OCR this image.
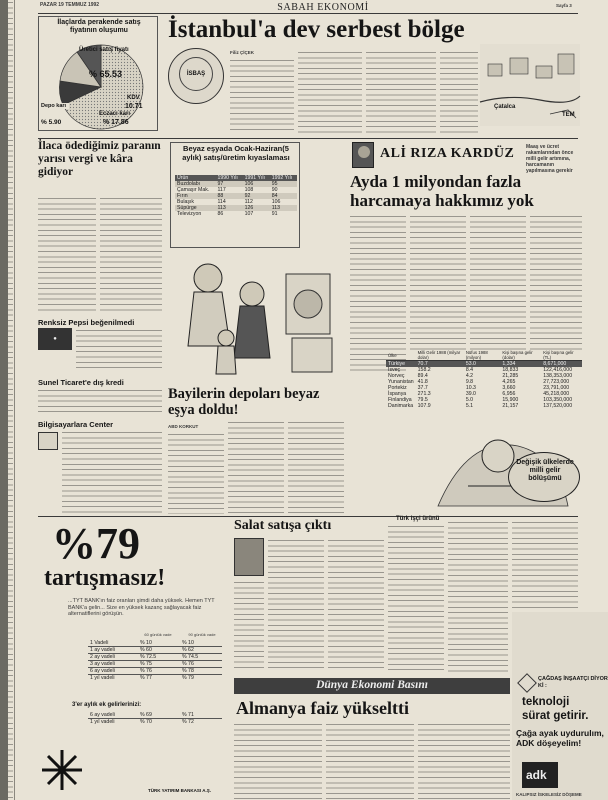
PAZAR 19 TEMMUZ 1992	SABAH EKONOMİ	Sayfa 3
İlaçlarda perakende satış fiyatının oluşumu
Üretici satış fiyatı
% 65.53
KDV
10.71
Eczacı karı
% 17.86
Depo karı
% 5.90
İstanbul'a dev serbest bölge
İSBAŞ
Filiz ÇİÇEK
Çatalca
TEM
İlaca ödediğimiz paranın yarısı vergi ve kâra gidiyor
Beyaz eşyada Ocak-Haziran(5 aylık) satış/üretim kıyaslaması
Ürün	1990 Yılı	1991 Yılı	1992 Yılı
Buzdolabı	97	106	95
Çamaşır Mak.	117	108	90
Fırın	88	92	84
Bulaşık	114	112	106
Süpürge	113	126	113
Televizyon	86	107	91
Bayilerin depoları beyaz eşya doldu!
ABD KORKUT
ALİ RIZA KARDÜZ Maaş ve ücret rakamlarından önce milli gelir artımına, harcamanın yapılmasına gerekir
Ayda 1 milyondan fazla harcamaya hakkımız yok
Ülke	Milli Gelir 1988 (milyar dolar)	Nüfus 1988 (milyon)	Kişi başına gelir (dolar)	Kişi başına gelir (TL)
Türkiye	70.7	53.0	1,334	8,671,000
İsveç	158.2	8.4	18,833	122,416,000
Norveç	89.4	4.2	21,285	138,353,000
Yunanistan	41.8	9.8	4,265	27,723,000
Portekiz	37.7	10.3	3,660	23,791,000
İspanya	271.3	39.0	6,956	45,218,000
Finlandiya	79.5	5.0	15,900	103,350,000
Danimarka	107.9	5.1	21,157	137,520,000
Değişik ülkelerde milli gelir bölüşümü
Renksiz Pepsi beğenilmedi
●
Sunel Ticaret'e dış kredi
Bilgisayarlara Center
%79
tartışmasız!
...TYT BANK'ın faiz oranları şimdi daha yüksek. Hemen TYT BANK'a gelin... Size en yüksek kazanç sağlayacak faiz alternatiflerini görüşün.
60 günlük vade	90 günlük vade
1 Vadeli	% 10	% 10
1 ay vadeli	% 60	% 62
2 ay vadeli	% 72.5	% 74.5
3 ay vadeli	% 75	% 76
6 ay vadeli	% 76	% 78
1 yıl vadeli	% 77	% 79
3'er aylık ek gelirlerinizi:
6 ay vadeli	% 69	% 71
1 yıl vadeli	% 70	% 72
TÜRK YATIRIM BANKASI A.Ş.
Salat satışa çıktı	Türk işçi ürünü
Dünya Ekonomi Basını
Almanya faiz yükseltti
ÇAĞDAŞ İNŞAATÇI DİYOR Kİ :
teknoloji
sürat getirir.
Çağa ayak uydurulım, ADK döşeyelim!
adk
KALIPSIZ İSKELESİZ DÖŞEME
